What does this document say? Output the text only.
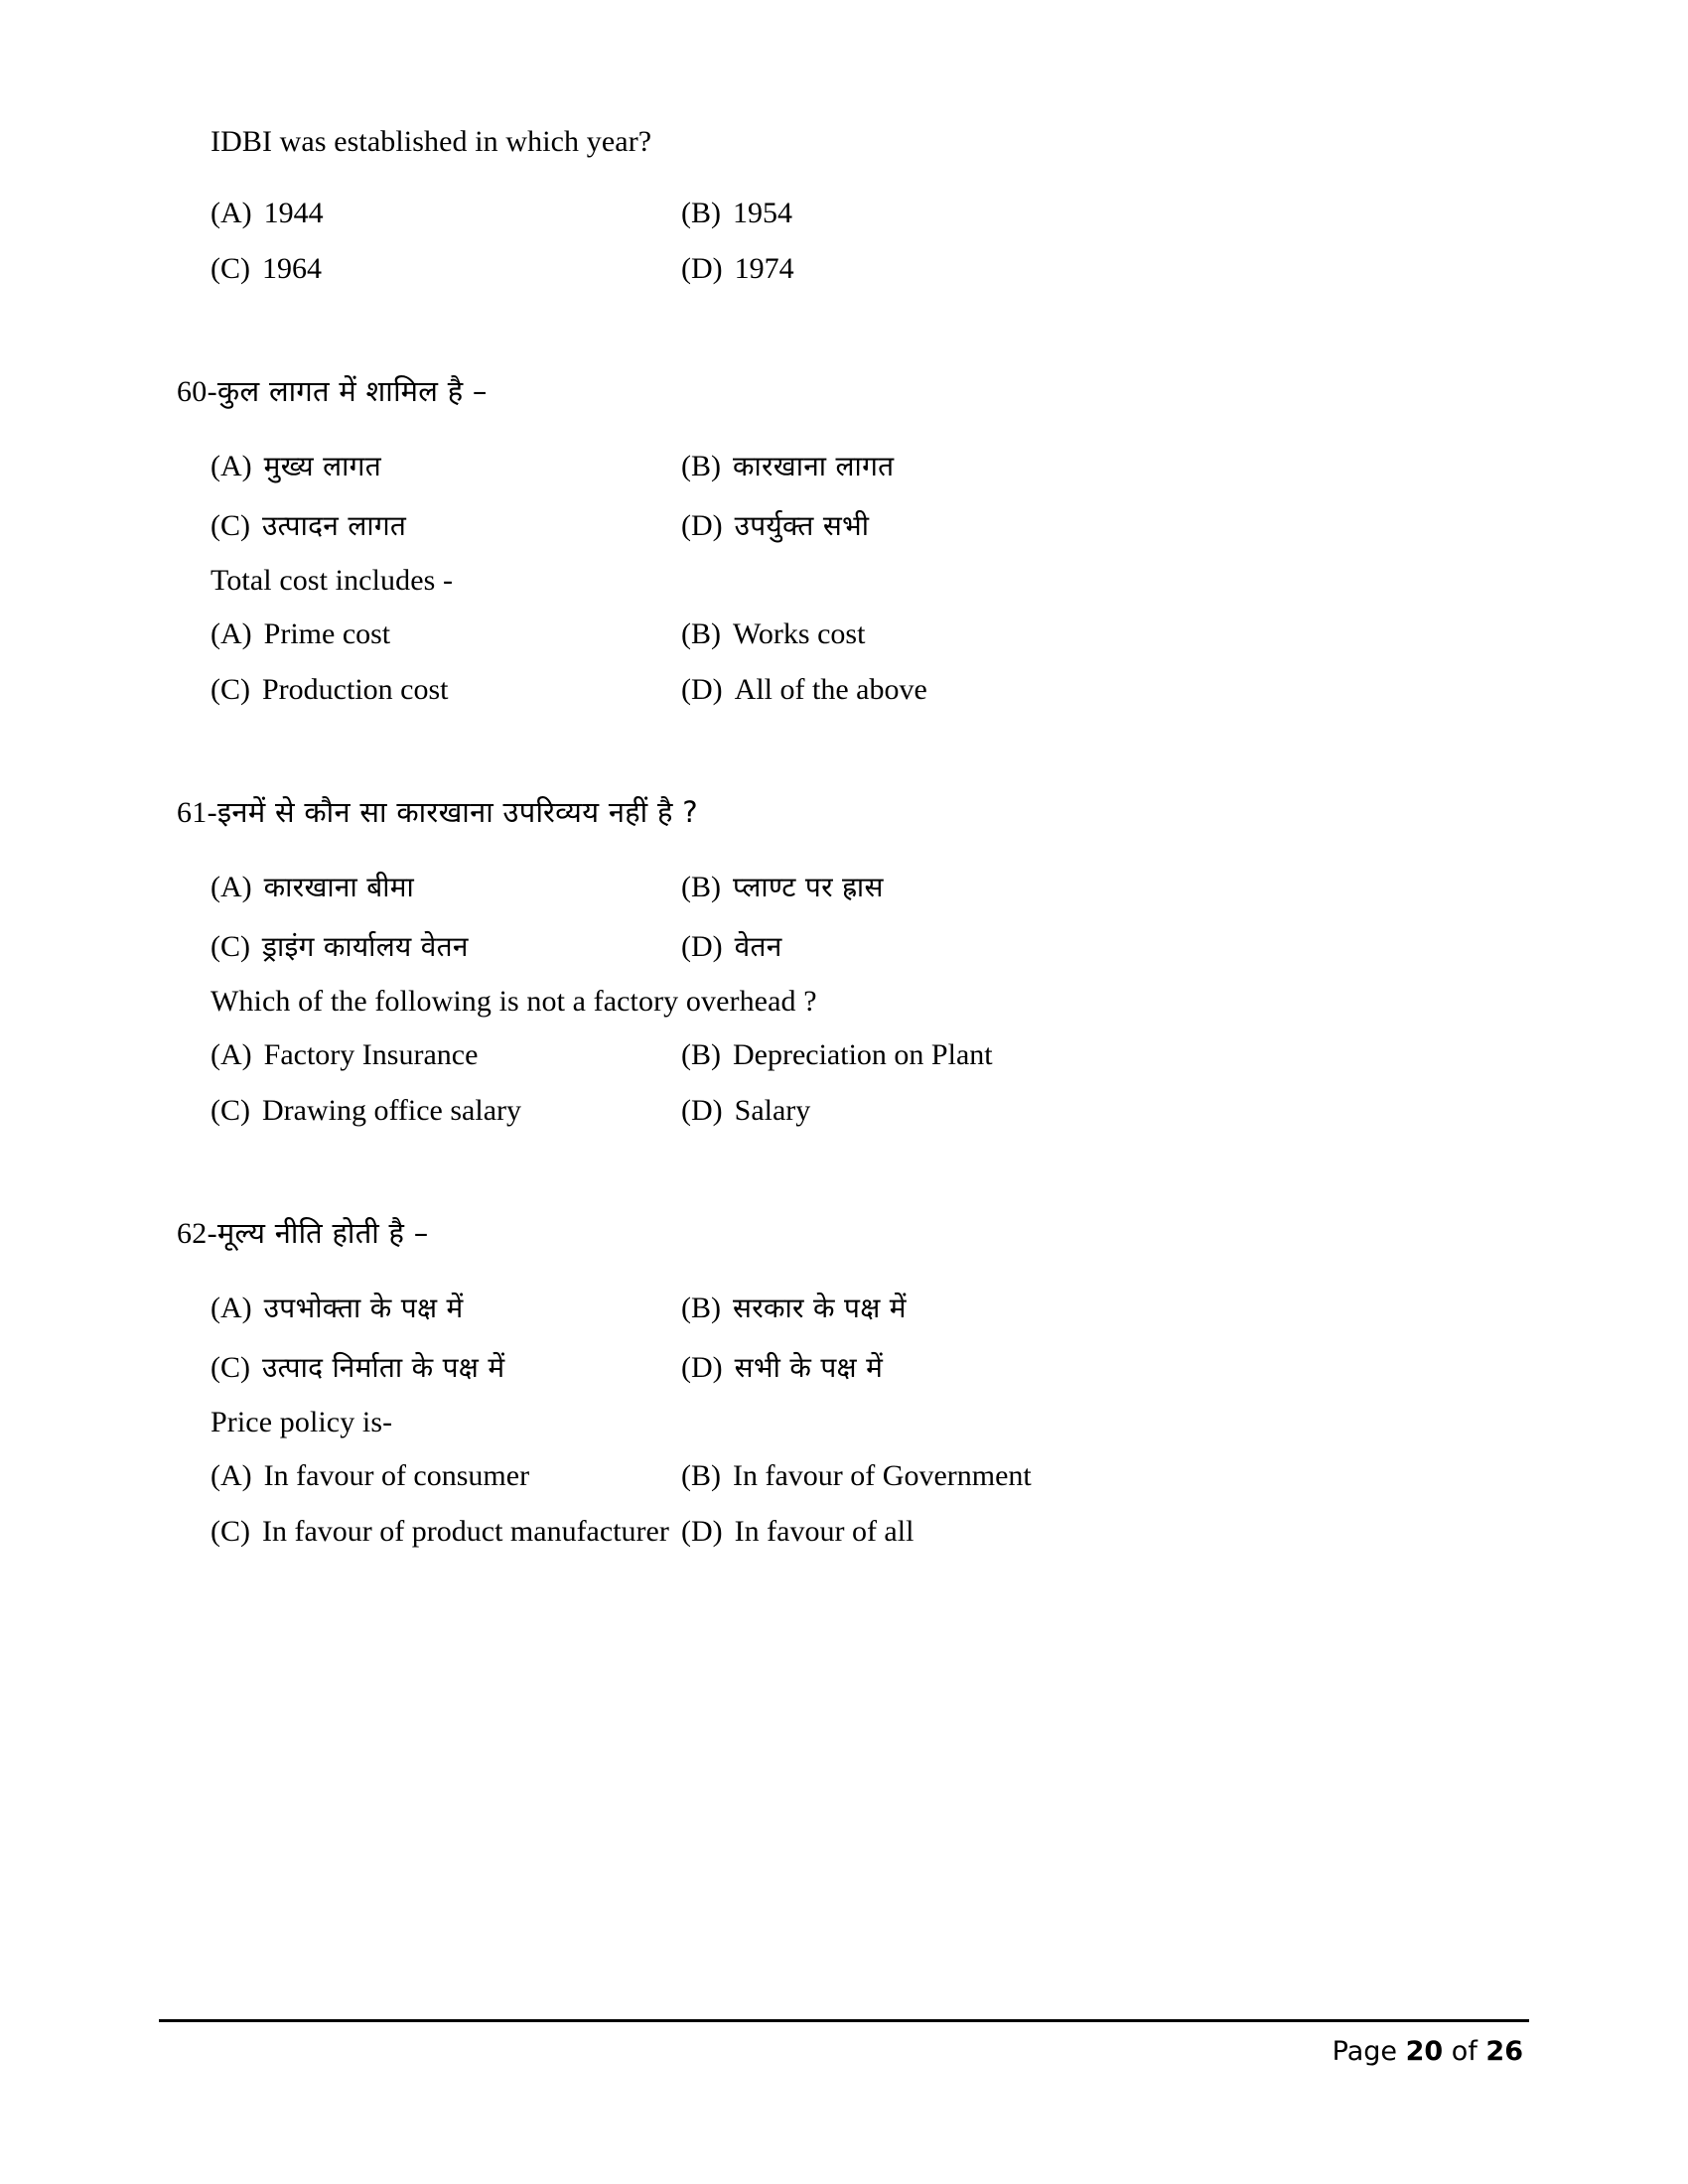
IDBI was established in which year?
(A) 1944	(B) 1954
(C) 1964	(D) 1974
60-कुल लागत में शामिल है –
(A) मुख्य लागत	(B) कारखाना लागत
(C) उत्पादन लागत	(D) उपर्युक्त सभी
Total cost includes -
(A) Prime cost	(B) Works cost
(C) Production cost	(D) All of the above
61-इनमें से कौन सा कारखाना उपरिव्यय नहीं है ?
(A) कारखाना बीमा	(B) प्लाण्ट पर ह्रास
(C) ड्राइंग कार्यालय वेतन	(D) वेतन
Which of the following is not a factory overhead ?
(A) Factory Insurance	(B) Depreciation on Plant
(C) Drawing office salary	(D) Salary
62-मूल्य नीति होती है –
(A) उपभोक्ता के पक्ष में	(B) सरकार के पक्ष में
(C) उत्पाद निर्माता के पक्ष में	(D) सभी के पक्ष में
Price policy is-
(A) In favour of consumer	(B) In favour of Government
(C) In favour of product manufacturer (D) In favour of all
Page 20 of 26
